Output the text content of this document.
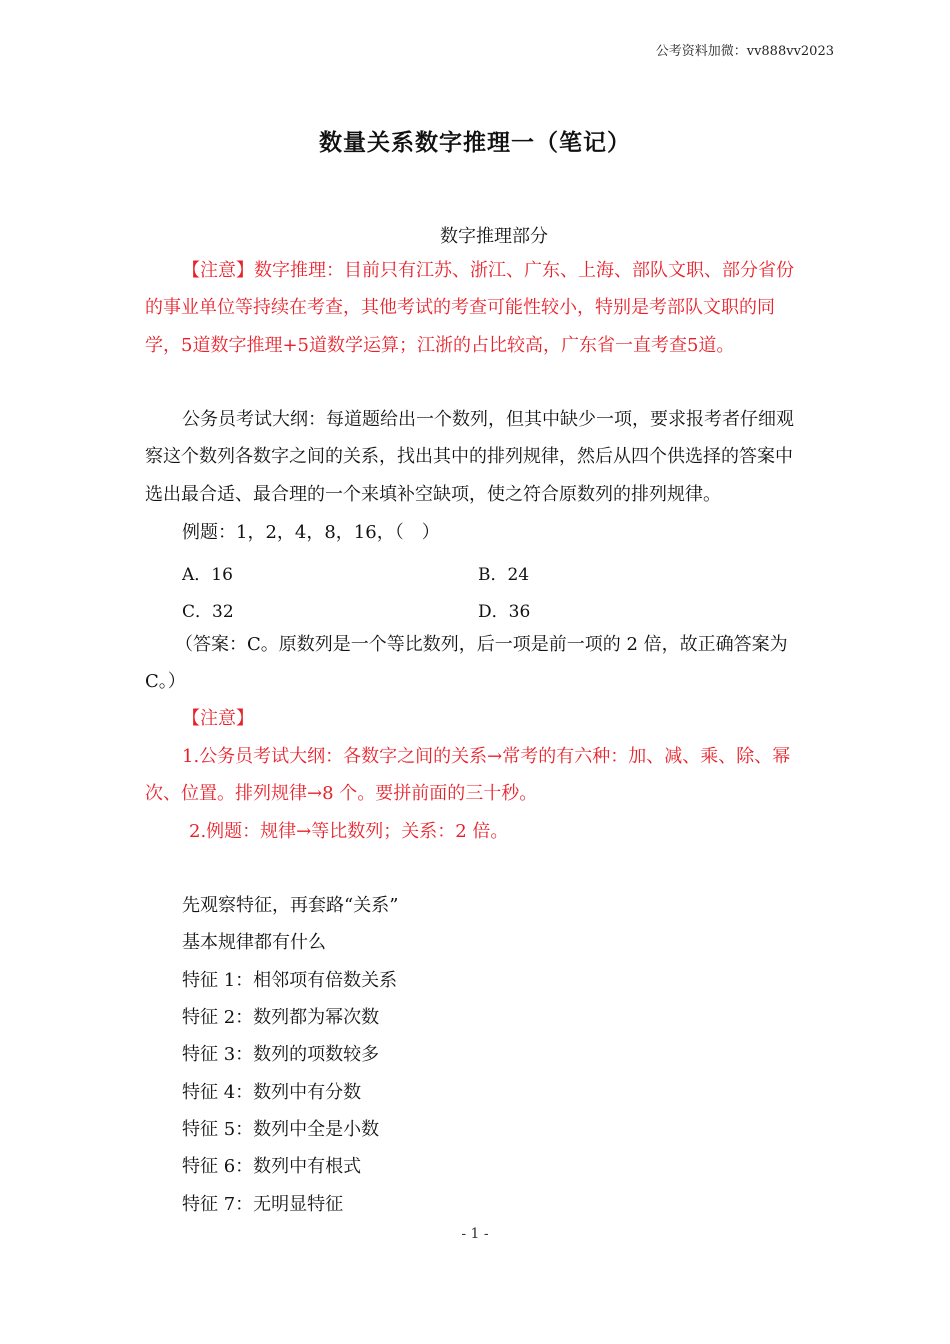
公考资料加微：vv888vv2023
数量关系数字推理一（笔记）
数字推理部分

【注意】数字推理：目前只有江苏、浙江、广东、上海、部队文职、部分省份的事业单位等持续在考查，其他考试的考查可能性较小，特别是考部队文职的同学，5道数字推理+5道数学运算；江浙的占比较高，广东省一直考查5道。

公务员考试大纲：每道题给出一个数列，但其中缺少一项，要求报考者仔细观察这个数列各数字之间的关系，找出其中的排列规律，然后从四个供选择的答案中选出最合适、最合理的一个来填补空缺项，使之符合原数列的排列规律。

例题：1，2，4，8，16，（　）

A．16	B．24
C．32	D．36

（答案：C。原数列是一个等比数列，后一项是前一项的 2 倍，故正确答案为C。）

【注意】

1.公务员考试大纲：各数字之间的关系→常考的有六种：加、减、乘、除、幂次、位置。排列规律→8 个。要拼前面的三十秒。

2.例题：规律→等比数列；关系：2 倍。

先观察特征，再套路“关系”

基本规律都有什么

特征 1：相邻项有倍数关系

特征 2：数列都为幂次数

特征 3：数列的项数较多

特征 4：数列中有分数

特征 5：数列中全是小数

特征 6：数列中有根式

特征 7：无明显特征

- 1 -
